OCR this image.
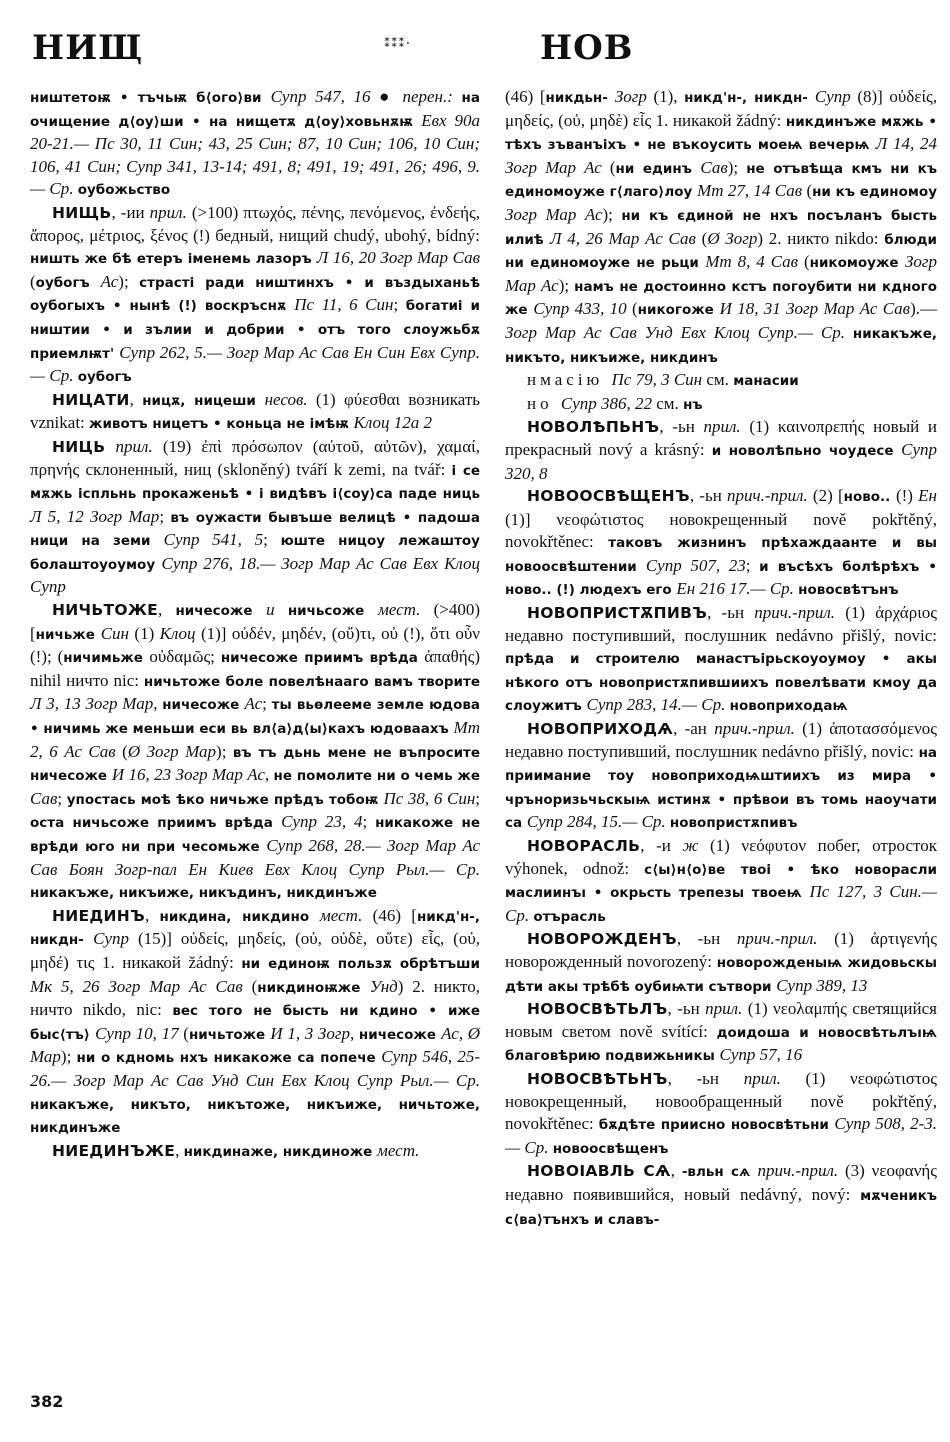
НИЩ	⁑⁑⁑·	НОВ

ништетоѭ • тъчьѭ б⟨ого⟩ви Супр 547, 16 ● перен.: на очищение д⟨оу⟩ши • на нищетѫ д⟨оу⟩ховьнѫѭ Евх 90а 20-21.— Пс 30, 11 Син; 43, 25 Син; 87, 10 Син; 106, 10 Син; 106, 41 Син; Супр 341, 13-14; 491, 8; 491, 19; 491, 26; 496, 9.— Ср. оубожьство

НИЩЬ, -ии прил. (>100) πτωχός, πένης, πενόμενος, ἐνδεής, ἄπορος, μέτριος, ξένος (!) бедный, нищий chudý, ubohý, bídný: ништь же бѣ етеръ іменемь лазоръ Л 16, 20 Зогр Мар Сав (оубогъ Ас); страсті ради ништинхъ • и въздыханьѣ оубогыхъ • нынѣ (!) воскръснѫ Пс 11, 6 Син; богатиі и ништии • и зълии и добрии • отъ того слоужьбѫ приемлѭт' Супр 262, 5.— Зогр Мар Ас Сав Ен Син Евх Супр.— Ср. оубогъ

НИЦАТИ, ницѫ, ницеши несов. (1) φύεσθαι возникать vznikat: животъ ницетъ • коньца не імѣѭ Клоц 12а 2

НИЦЬ прил. (19) ἐπὶ πρόσωπον (αὐτοῦ, αὐτῶν), χαμαί, πρηνής склоненный, ниц (skloněný) tváří k zemi, na tvář: і се мѫжь іспльнь прокаженьѣ • і видѣвъ і⟨соу⟩са паде ниць Л 5, 12 Зогр Мар; въ оужасти бывъше велицѣ • падоша ници на земи Супр 541, 5; юште ницоу лежаштоу болаштоуоумоу Супр 276, 18.— Зогр Мар Ас Сав Евх Клоц Супр

НИЧЬТОЖЕ, ничесоже и ничьсоже мест. (>400) [ничьже Син (1) Клоц (1)] οὐδέν, μηδέν, (οὔ)τι, οὐ (!), ὅτι οὖν (!); (ничимьже οὐδαμῶς; ничесоже приимъ врѣда ἀπαθής) nihil ничто nic: ничьтоже боле повелѣнааго вамъ творите Л 3, 13 Зогр Мар, ничесоже Ас; ты вьѳлееме земле юдова • ничимь же меньши еси вь вл⟨а⟩д⟨ы⟩кахъ юдоваахъ Мт 2, 6 Ас Сав (Ø Зогр Мар); въ тъ дьнь мене не въпросите ничесоже И 16, 23 Зогр Мар Ас, не помолите ни о чемь же Сав; упостась моѣ ѣко ничьже прѣдъ тобоѭ Пс 38, 6 Син; оста ничьсоже приимъ врѣда Супр 23, 4; никакоже не врѣди юго ни при чесомьже Супр 268, 28.— Зогр Мар Ас Сав Боян Зогр-пал Ен Киев Евх Клоц Супр Рыл.— Ср. никакъже, никъиже, никъдинъ, никдинъже

НИЕДИНЪ, никдина, никдино мест. (46) [никд'н-, никдн- Супр (15)] οὐδείς, μηδείς, (οὐ, οὐδὲ, οὔτε) εἷς, (οὐ, μηδέ) τις 1. никакой žádný: ни единоѭ пользѫ обрѣтъши Мк 5, 26 Зогр Мар Ас Сав (никдиноѭже Унд) 2. никто, ничто nikdo, nic: вес того не бысть ни кдино • иже быс⟨тъ⟩ Супр 10, 17 (ничьтоже И 1, 3 Зогр, ничесоже Ас, Ø Мар); ни о кдномь нхъ никакоже са попече Супр 546, 25-26.— Зогр Мар Ас Сав Унд Син Евх Клоц Супр Рыл.— Ср. никакъже, никъто, никътоже, никъиже, ничьтоже, никдинъже

НИЕДИНЪЖЕ, никдинаже, никдиноже мест.

(46) [никдьн- Зогр (1), никд'н-, никдн- Супр (8)] οὐδείς, μηδείς, (οὐ, μηδὲ) εἷς 1. никакой žádný: никдинъже мѫжь • тѣхъ зъванъіхъ • не въкоусить моеѩ вечерѩ Л 14, 24 Зогр Мар Ас (ни единъ Сав); не отъвѣща кмъ ни къ единомоуже г⟨лаго⟩лоу Мт 27, 14 Сав (ни къ единомоу Зогр Мар Ас); ни къ єдиной не нхъ посъланъ бысть илиѣ Л 4, 26 Мар Ас Сав (Ø Зогр) 2. никто nikdo: блюди ни единомоуже не рьци Мт 8, 4 Сав (никомоуже Зогр Мар Ас); намъ не достоинно кстъ погоубити ни кдного же Супр 433, 10 (никогоже И 18, 31 Зогр Мар Ас Сав).— Зогр Мар Ас Сав Унд Евх Клоц Супр.— Ср. никакъже, никъто, никъиже, никдинъ

нмасію Пс 79, 3 Син см. манасии

но Супр 386, 22 см. нъ

НОВОЛѢПЬНЪ, -ьн прил. (1) καινοπρεπής новый и прекрасный nový a krásný: и новолѣпьно чоудесе Супр 320, 8

НОВООСВѢЩЕНЪ, -ьн прич.-прил. (2) [ново.. (!) Ен (1)] νεοφώτιστος новокрещенный nově pokřtěný, novokřtěnec: таковъ жизнинъ прѣхаждаанте и вы новоосвѣштении Супр 507, 23; и въсѣхъ болѣрѣхъ • ново.. (!) людехъ его Ен 216 17.— Ср. новосвѣтънъ

НОВОПРИСТѪПИВЪ, -ьн прич.-прил. (1) ἀρχάριος недавно поступивший, послушник nedávno přišlý, novic: прѣда и строителю манастъірьскоуоумоу • акы нѣкого отъ новопристѫпившиихъ повелѣвати кмоу да слоужитъ Супр 283, 14.— Ср. новоприходаѩ

НОВОПРИХОДѦ, -ан прич.-прил. (1) ἀποτασσόμενος недавно поступивший, послушник nedávno přišlý, novic: на приимание тоу новоприходѩштиихъ из мира • чръноризьчьскыѩ истинѫ • прѣвои въ томь наоучати са Супр 284, 15.— Ср. новопристѫпивъ

НОВОРАСЛЬ, -и ж (1) νεόφυτον побег, отросток výhonek, odnož: с⟨ы⟩н⟨о⟩ве твоі • ѣко новорасли маслиинъı • окрьсть трепезы твоеѩ Пс 127, 3 Син.— Ср. отърасль

НОВОРОЖДЕНЪ, -ьн прич.-прил. (1) ἀρτιγενής новорожденный novorozený: новорожденыѩ жидовьскы дѣти акы трѣбѣ оубиѩти сътвори Супр 389, 13

НОВОСВѢТЬЛЪ, -ьн прил. (1) νεολαμπής светящийся новым светом nově svítící: доидоша и новосвѣтьлъıѩ благовѣрию подвижьникы Супр 57, 16

НОВОСВѢТЬНЪ, -ьн прил. (1) νεοφώτιστος новокрещенный, новообращенный nově pokřtěný, novokřtěnec: бѫдѣте приисно новосвѣтьни Супр 508, 2-3.— Ср. новоосвѣщенъ

НОВОІАВЛЬ СѦ, -вльн сѧ прич.-прил. (3) νεοφανής недавно появившийся, новый nedávný, nový: мѫченикъ с⟨ва⟩тънхъ и славъ-

382
